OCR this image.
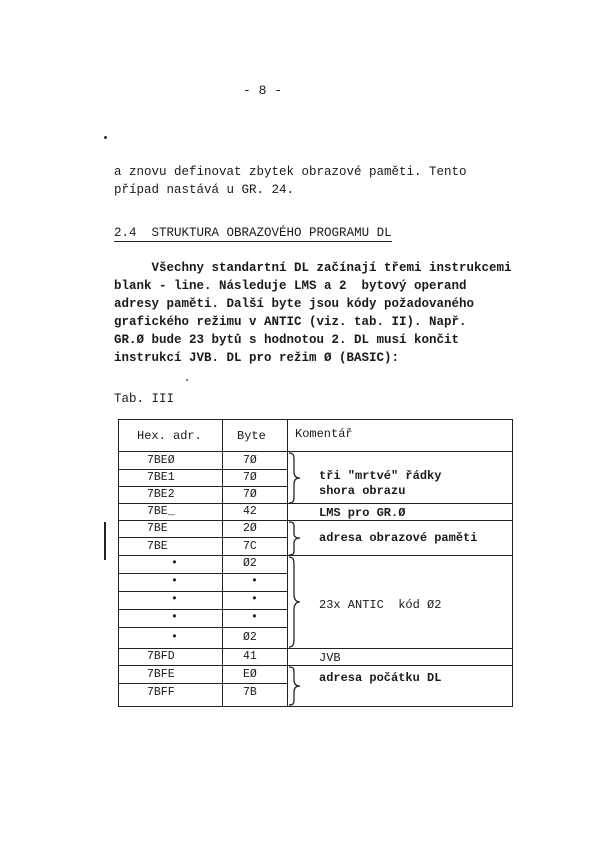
- 8 -
a znovu definovat zbytek obrazové paměti. Tento
případ nastává u GR. 24.
2.4 STRUKTURA OBRAZOVÉHO PROGRAMU DL
Všechny standartní DL začínají třemi instrukcemi
blank - line. Následuje LMS a 2  bytový operand
adresy paměti. Další byte jsou kódy požadovaného
grafického režimu v ANTIC (viz. tab. II). Např.
GR.Ø bude 23 bytů s hodnotou 2. DL musí končit
instrukcí JVB. DL pro režim Ø (BASIC):
Tab. III
Hex. adr.	Byte Komentář
7BEØ
7BE1
7BE2
7BE_
7BE
7BE
•
•
•
•
•
7BFD
7BFE
7BFF
7Ø
7Ø
7Ø
42
2Ø
7C
Ø2
•
•
•
Ø2
41
EØ
7B
tři "mrtvé" řádky
shora obrazu
LMS pro GR.Ø
adresa obrazové paměti
23x ANTIC  kód Ø2
JVB
adresa počátku DL
